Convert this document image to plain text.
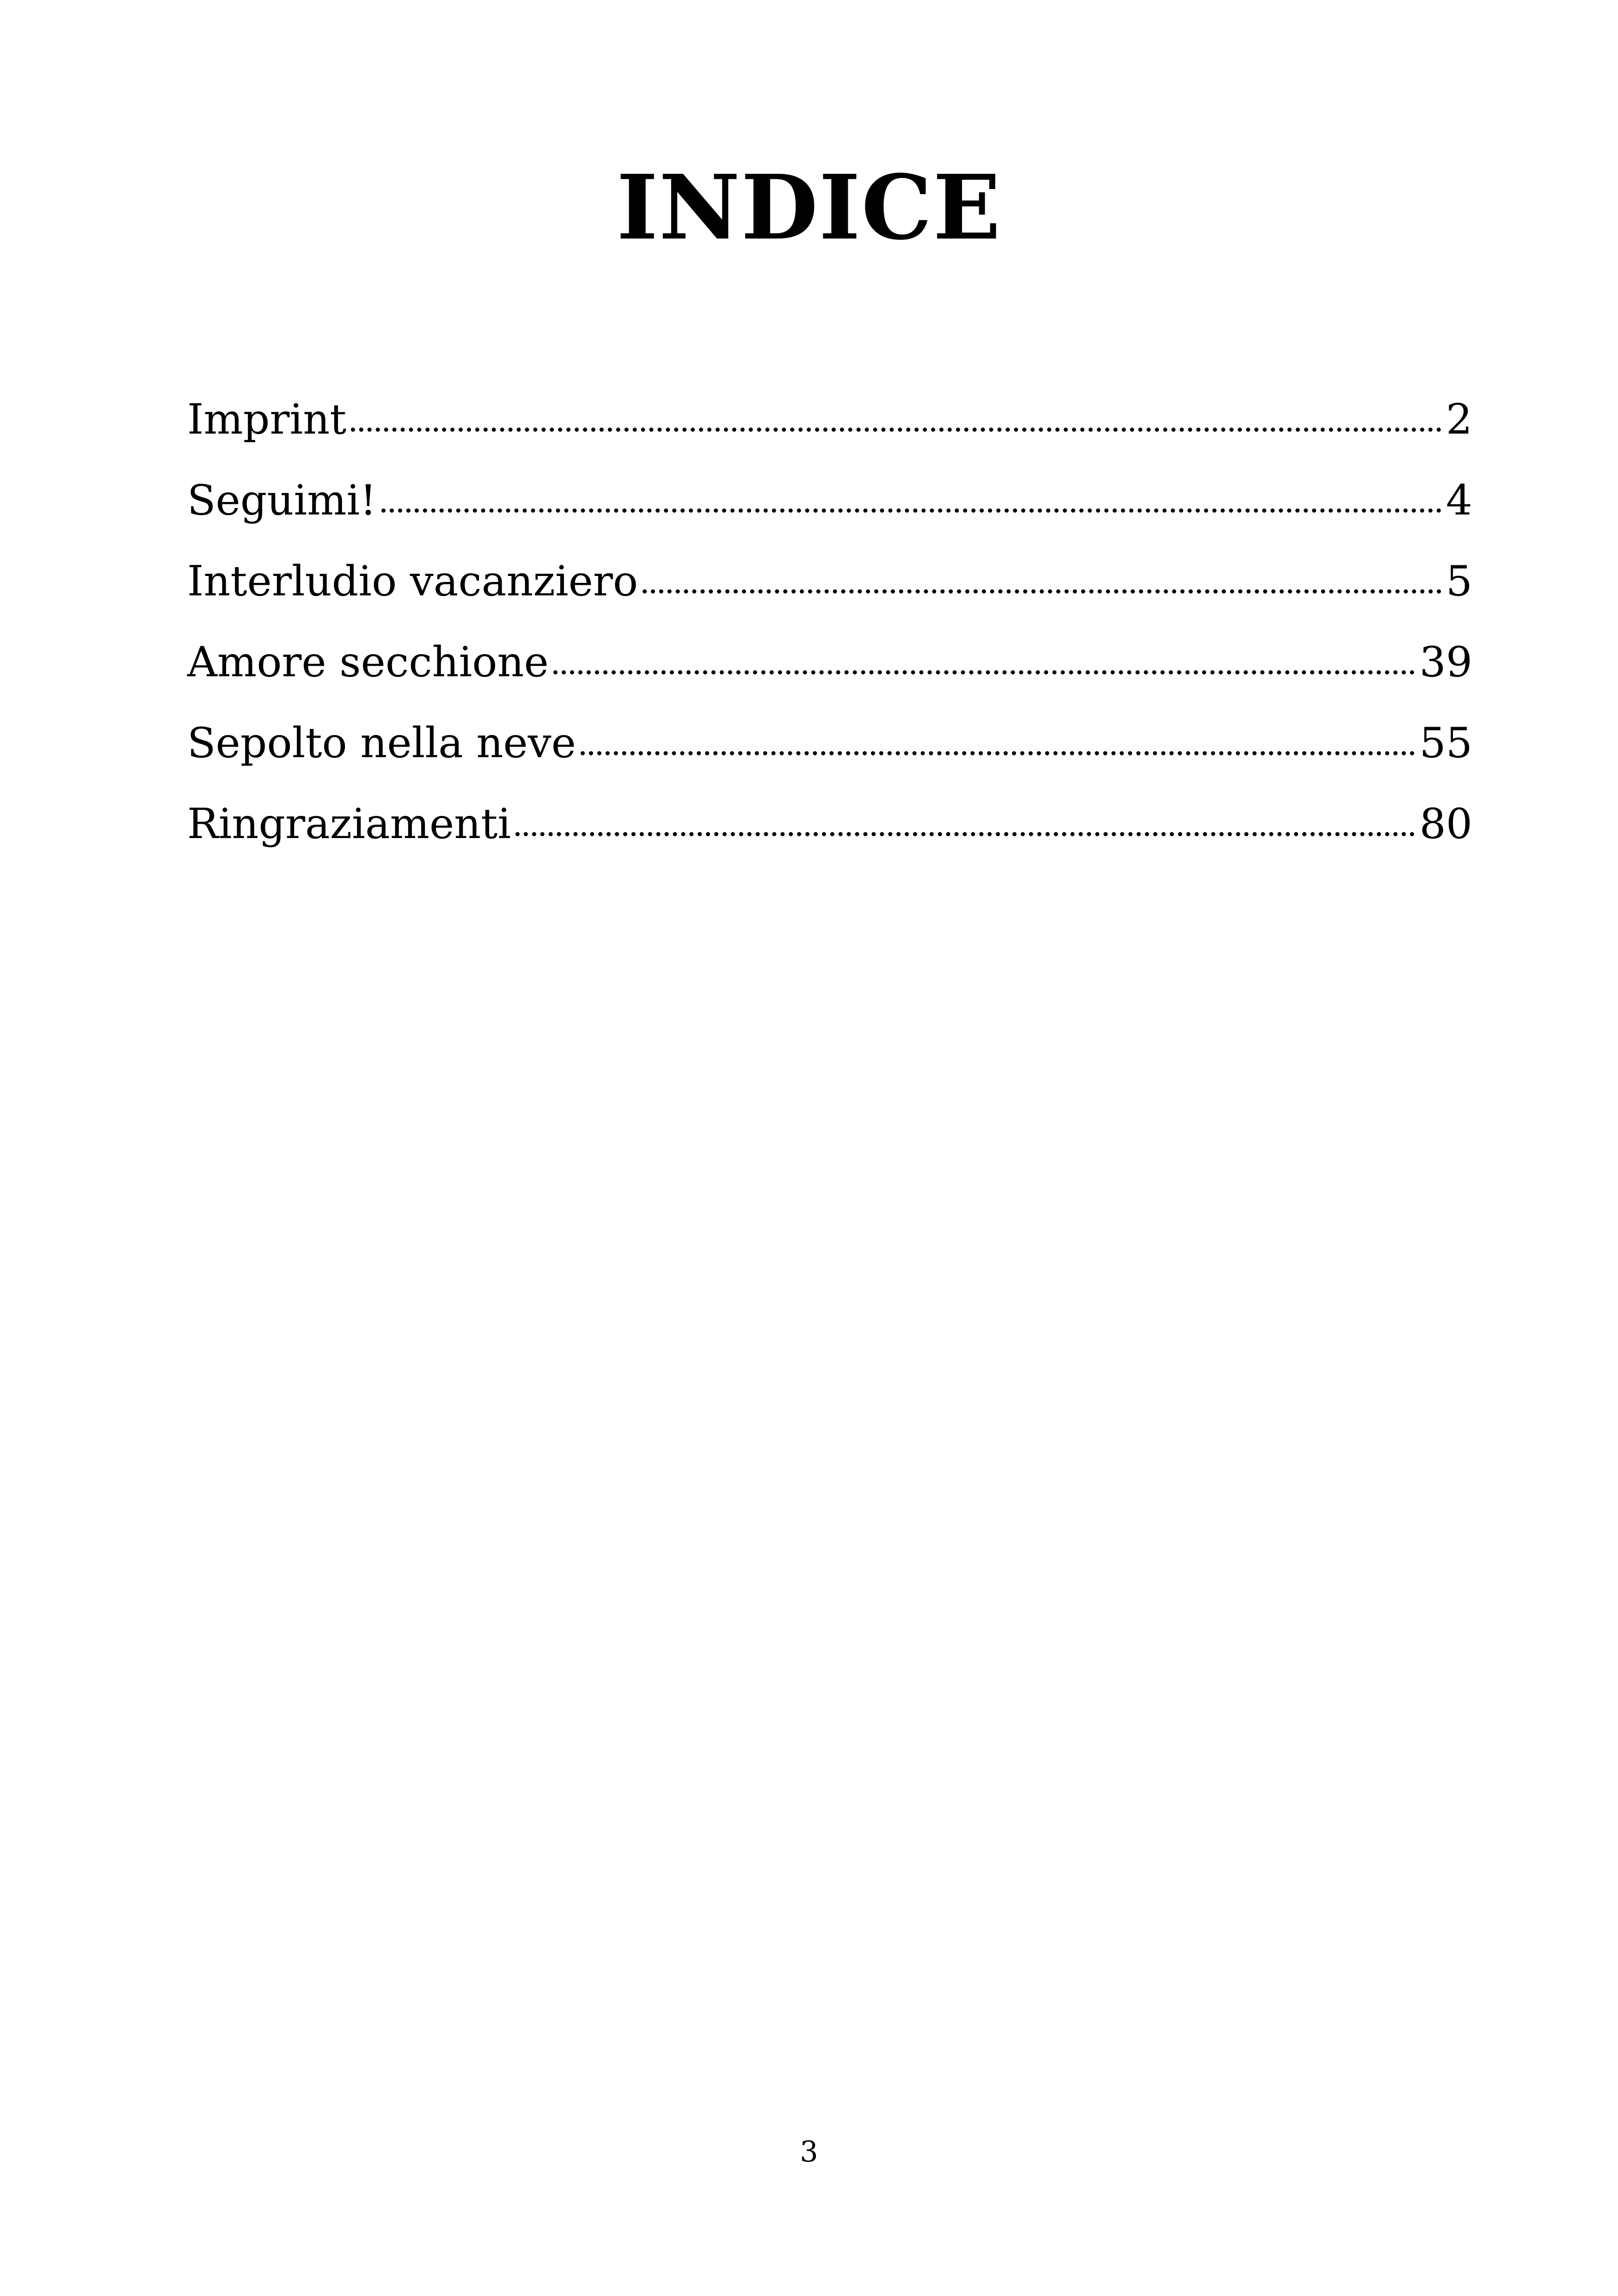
INDICE
Imprint	2
Seguimi!	4
Interludio vacanziero	5
Amore secchione	39
Sepolto nella neve	55
Ringraziamenti	80
3
